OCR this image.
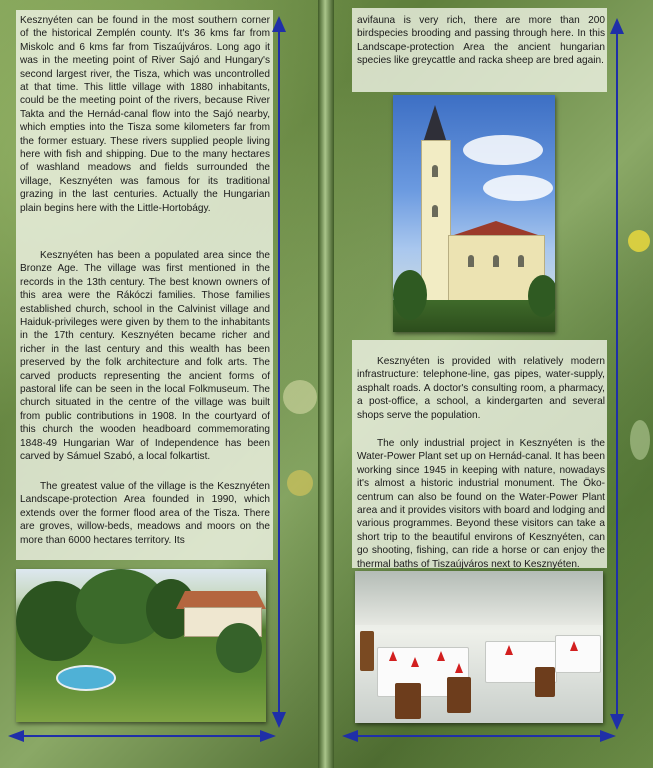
Kesznyéten can be found in the most southern corner of the historical Zemplén county. It's 36 kms far from Miskolc and 6 kms far from Tiszaújváros. Long ago it was in the meeting point of River Sajó and Hungary's second largest river, the Tisza, which was uncontrolled at that time. This little village with 1880 inhabitants, could be the meeting point of the rivers, because River Takta and the Hernád-canal flow into the Sajó nearby, which empties into the Tisza some kilometers far from the former estuary. These rivers supplied people living here with fish and shipping. Due to the many hectares of washland meadows and fields surrounded the village, Kesznyéten was famous for its traditional grazing in the last centuries. Actually the Hungarian plain begins here with the Little-Hortobágy.

Kesznyéten has been a populated area since the Bronze Age. The village was first mentioned in the records in the 13th century. The best known owners of this area were the Rákóczi families. Those families established church, school in the Calvinist village and Haiduk-privileges were given by them to the inhabitants in the 17th century. Kesznyéten became richer and richer in the last century and this wealth has been preserved by the folk architecture and folk arts. The carved products representing the ancient forms of pastoral life can be seen in the local Folkmuseum. The church situated in the centre of the village was built from public contributions in 1908. In the courtyard of this church the wooden headboard commemorating 1848-49 Hungarian War of Independence has been carved by Sámuel Szabó, a local folkartist.

The greatest value of the village is the Kesznyéten Landscape-protection Area founded in 1990, which extends over the former flood area of the Tisza. There are groves, willow-beds, meadows and moors on the more than 6000 hectares territory. Its

avifauna is very rich, there are more than 200 birdspecies brooding and passing through here. In this Landscape-protection Area the ancient hungarian species like greycattle and racka sheep are bred again.

Kesznyéten is provided with relatively modern infrastructure: telephone-line, gas pipes, water-supply, asphalt roads. A doctor's consulting room, a pharmacy, a post-office, a school, a kindergarten and several shops serve the population.

The only industrial project in Kesznyéten is the Water-Power Plant set up on Hernád-canal. It has been working since 1945 in keeping with nature, nowadays it's almost a historic industrial monument. The Öko-centrum can also be found on the Water-Power Plant area and it provides visitors with board and lodging and various programmes. Beyond these visitors can take a short trip to the beautiful environs of Kesznyéten, can go shooting, fishing, can ride a horse or can enjoy the thermal baths of Tiszaújváros next to Kesznyéten.
